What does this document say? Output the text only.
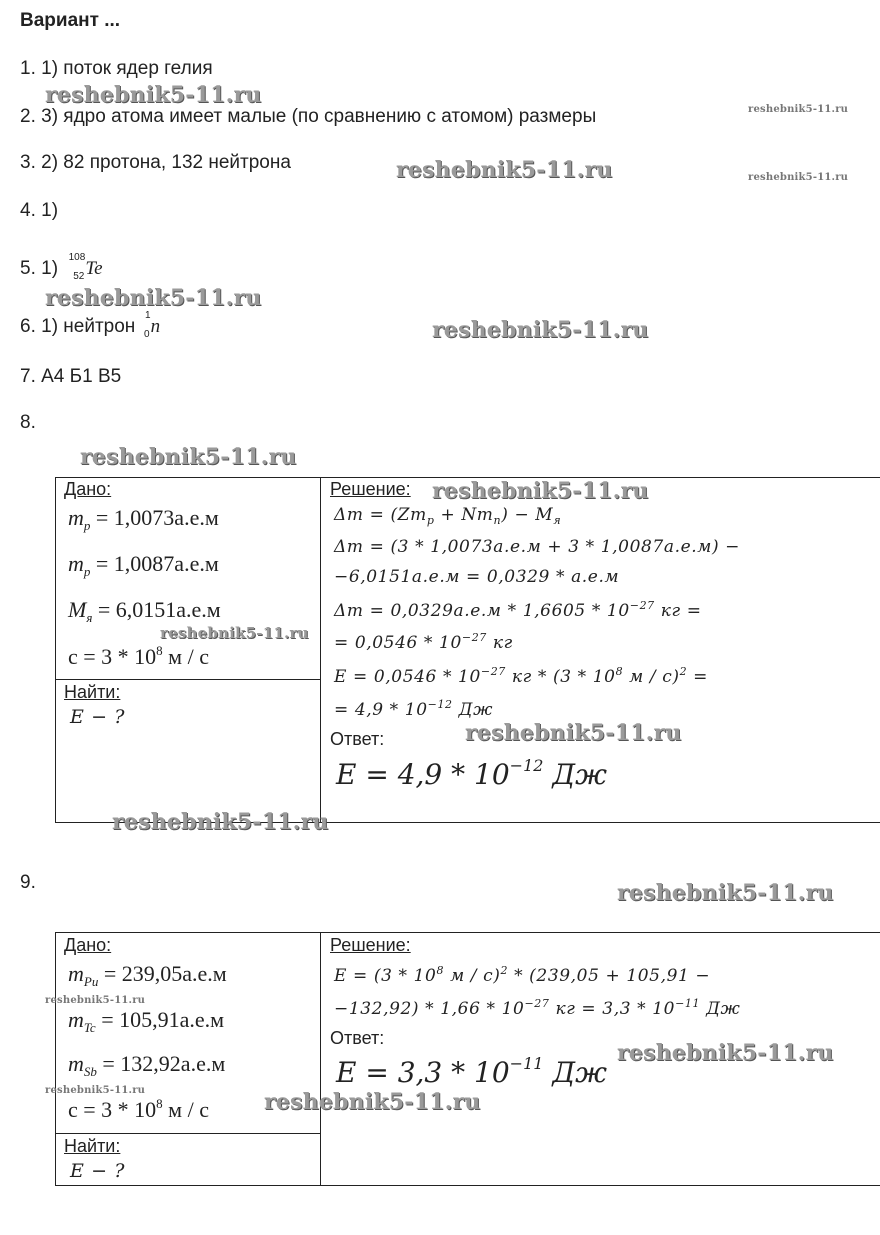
Вариант ...
1. 1) поток ядер гелия
2. 3) ядро атома имеет малые (по сравнению с атомом) размеры
3. 2) 82 протона, 132 нейтрона
4. 1)
5. 1)
108
52 Te
6. 1) нейтрон
1
0 n
7. А4 Б1 В5
8.
9.
Дано:
$m_p = 1,0073а.е.м$
$m_p = 1,0087а.е.м$
$M_я = 6,0151а.е.м$
$c = 3 * 10^8$ м / с
Найти:
E − ?
Решение:
$\Delta m = (Zm_p + Nm_n) - M_я$
Δm = (3 * 1,0073а.е.м + 3 * 1,0087а.е.м) −
−6,0151а.е.м = 0,0329 * а.е.м
$\Delta m = 0,0329а.е.м * 1,6605 * 10^{-27}$ кг =
= $0,0546 * 10^{-27}$ кг
$E = 0,0546 * 10^{-27}$ кг * ($3 * 10^8$ м / с)$^2$ =
= $4,9 * 10^{-12}$ Дж
Ответ:
$E = 4,9 * 10^{-12}$ Дж
Дано:
$m_{Pu} = 239,05а.е.м$
$m_{Tc} = 105,91а.е.м$
$m_{Sb} = 132,92а.е.м$
$c = 3 * 10^8$ м / с
Найти:
E − ?
Решение:
$E = (3 * 10^8$ м / с)$^2$ * (239,05 + 105,91 −
$-132,92) * 1,66 * 10^{-27}$ кг = $3,3 * 10^{-11}$ Дж
Ответ:
$E = 3,3 * 10^{-11}$ Дж
reshebnik5-11.ru
reshebnik5-11.ru
reshebnik5-11.ru	reshebnik5-11.ru
reshebnik5-11.ru
reshebnik5-11.ru
reshebnik5-11.ru
reshebnik5-11.ru
reshebnik5-11.ru
reshebnik5-11.ru
reshebnik5-11.ru
reshebnik5-11.ru
reshebnik5-11.ru
reshebnik5-11.ru
reshebnik5-11.ru	reshebnik5-11.ru
